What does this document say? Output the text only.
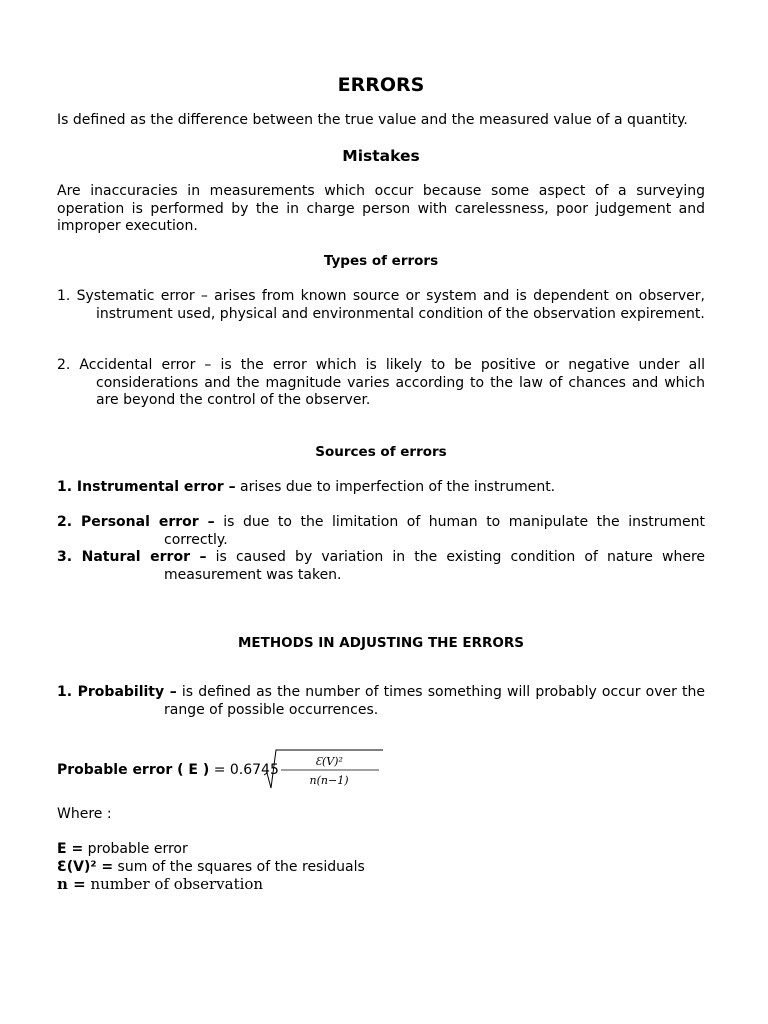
ERRORS

Is defined as the difference between the true value and the measured value of a quantity.

Mistakes

Are inaccuracies in measurements which occur because some aspect of a surveying operation is performed by the in charge person with carelessness, poor judgement and improper execution.

Types of errors

1. Systematic error – arises from known source or system and is dependent on observer, instrument used, physical and environmental condition of the observation expirement.

2. Accidental error – is the error which is likely to be positive or negative under all considerations and the magnitude varies according to the law of chances and which are beyond the control of the observer.

Sources of errors

1. Instrumental error – arises due to imperfection of the instrument.

2. Personal error – is due to the limitation of human to manipulate the instrument correctly.

3. Natural error – is caused by variation in the existing condition of nature where measurement was taken.

METHODS IN ADJUSTING THE ERRORS

1. Probability – is defined as the number of times something will probably occur over the range of possible occurrences.

Probable error ( E ) = 0.6745
Ɛ(V)²
n(n−1)

Where :

E = probable error

Ɛ(V)² = sum of the squares of the residuals

n = number of observation
